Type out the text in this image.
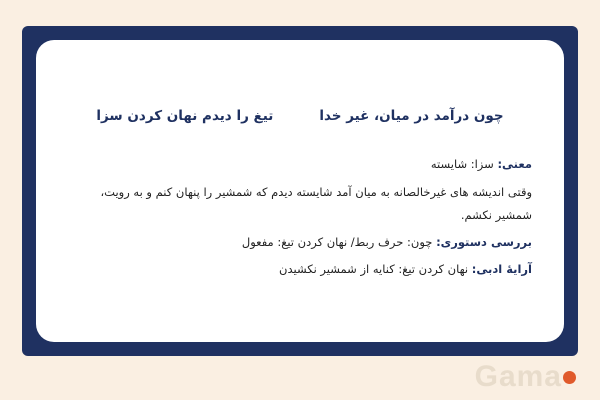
چون درآمد در میان، غیر خدا
تیغ را دیدم نهان کردن سزا

معنی: سزا: شایسته

وقتی اندیشه های غیرخالصانه به میان آمد شایسته دیدم که شمشیر را پنهان کنم و به رویت، شمشیر نکشم.

بررسی دستوری: چون: حرف ربط/ نهان کردن تیغ: مفعول

آرایۀ ادبی: نهان کردن تیغ: کنایه از شمشیر نکشیدن

Gama
